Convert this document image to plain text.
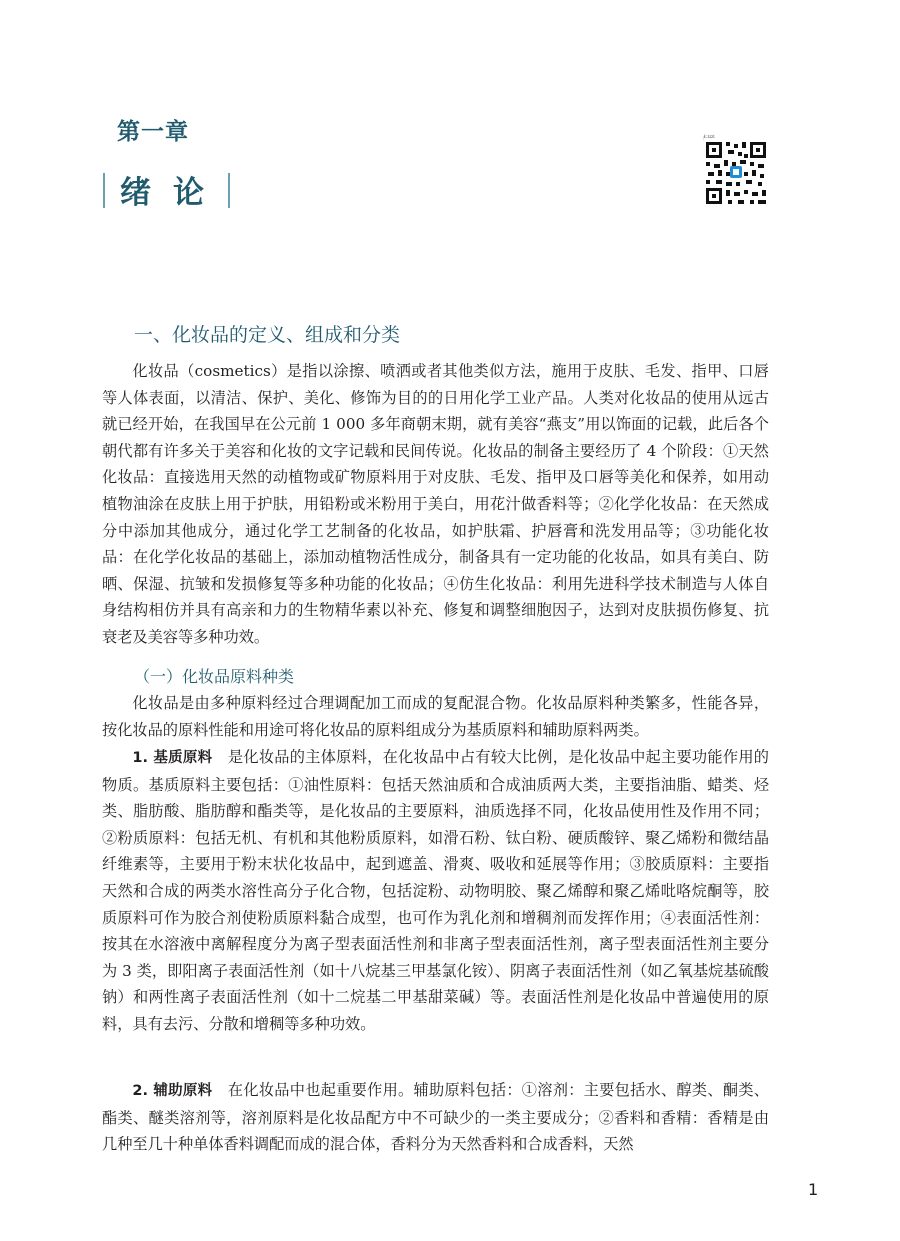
第一章
绪论
一、化妆品的定义、组成和分类

化妆品（cosmetics）是指以涂擦、喷洒或者其他类似方法，施用于皮肤、毛发、指甲、口唇等人体表面，以清洁、保护、美化、修饰为目的的日用化学工业产品。人类对化妆品的使用从远古就已经开始，在我国早在公元前 1 000 多年商朝末期，就有美容“燕支”用以饰面的记载，此后各个朝代都有许多关于美容和化妆的文字记载和民间传说。化妆品的制备主要经历了 4 个阶段：①天然化妆品：直接选用天然的动植物或矿物原料用于对皮肤、毛发、指甲及口唇等美化和保养，如用动植物油涂在皮肤上用于护肤，用铅粉或米粉用于美白，用花汁做香料等；②化学化妆品：在天然成分中添加其他成分，通过化学工艺制备的化妆品，如护肤霜、护唇膏和洗发用品等；③功能化妆品：在化学化妆品的基础上，添加动植物活性成分，制备具有一定功能的化妆品，如具有美白、防晒、保湿、抗皱和发损修复等多种功能的化妆品；④仿生化妆品：利用先进科学技术制造与人体自身结构相仿并具有高亲和力的生物精华素以补充、修复和调整细胞因子，达到对皮肤损伤修复、抗衰老及美容等多种功效。

（一）化妆品原料种类

化妆品是由多种原料经过合理调配加工而成的复配混合物。化妆品原料种类繁多，性能各异，按化妆品的原料性能和用途可将化妆品的原料组成分为基质原料和辅助原料两类。

1. 基质原料　 是化妆品的主体原料，在化妆品中占有较大比例，是化妆品中起主要功能作用的物质。基质原料主要包括：①油性原料：包括天然油质和合成油质两大类，主要指油脂、蜡类、烃类、脂肪酸、脂肪醇和酯类等，是化妆品的主要原料，油质选择不同，化妆品使用性及作用不同；②粉质原料：包括无机、有机和其他粉质原料，如滑石粉、钛白粉、硬质酸锌、聚乙烯粉和微结晶纤维素等，主要用于粉末状化妆品中，起到遮盖、滑爽、吸收和延展等作用；③胶质原料：主要指天然和合成的两类水溶性高分子化合物，包括淀粉、动物明胶、聚乙烯醇和聚乙烯吡咯烷酮等，胶质原料可作为胶合剂使粉质原料黏合成型，也可作为乳化剂和增稠剂而发挥作用；④表面活性剂：按其在水溶液中离解程度分为离子型表面活性剂和非离子型表面活性剂，离子型表面活性剂主要分为 3 类，即阳离子表面活性剂（如十八烷基三甲基氯化铵）、阴离子表面活性剂（如乙氧基烷基硫酸钠）和两性离子表面活性剂（如十二烷基二甲基甜菜碱）等。表面活性剂是化妆品中普遍使用的原料，具有去污、分散和增稠等多种功效。

2. 辅助原料　 在化妆品中也起重要作用。辅助原料包括：①溶剂：主要包括水、醇类、酮类、酯类、醚类溶剂等，溶剂原料是化妆品配方中不可缺少的一类主要成分；②香料和香精：香精是由几种至几十种单体香料调配而成的混合体，香料分为天然香料和合成香料，天然

1
